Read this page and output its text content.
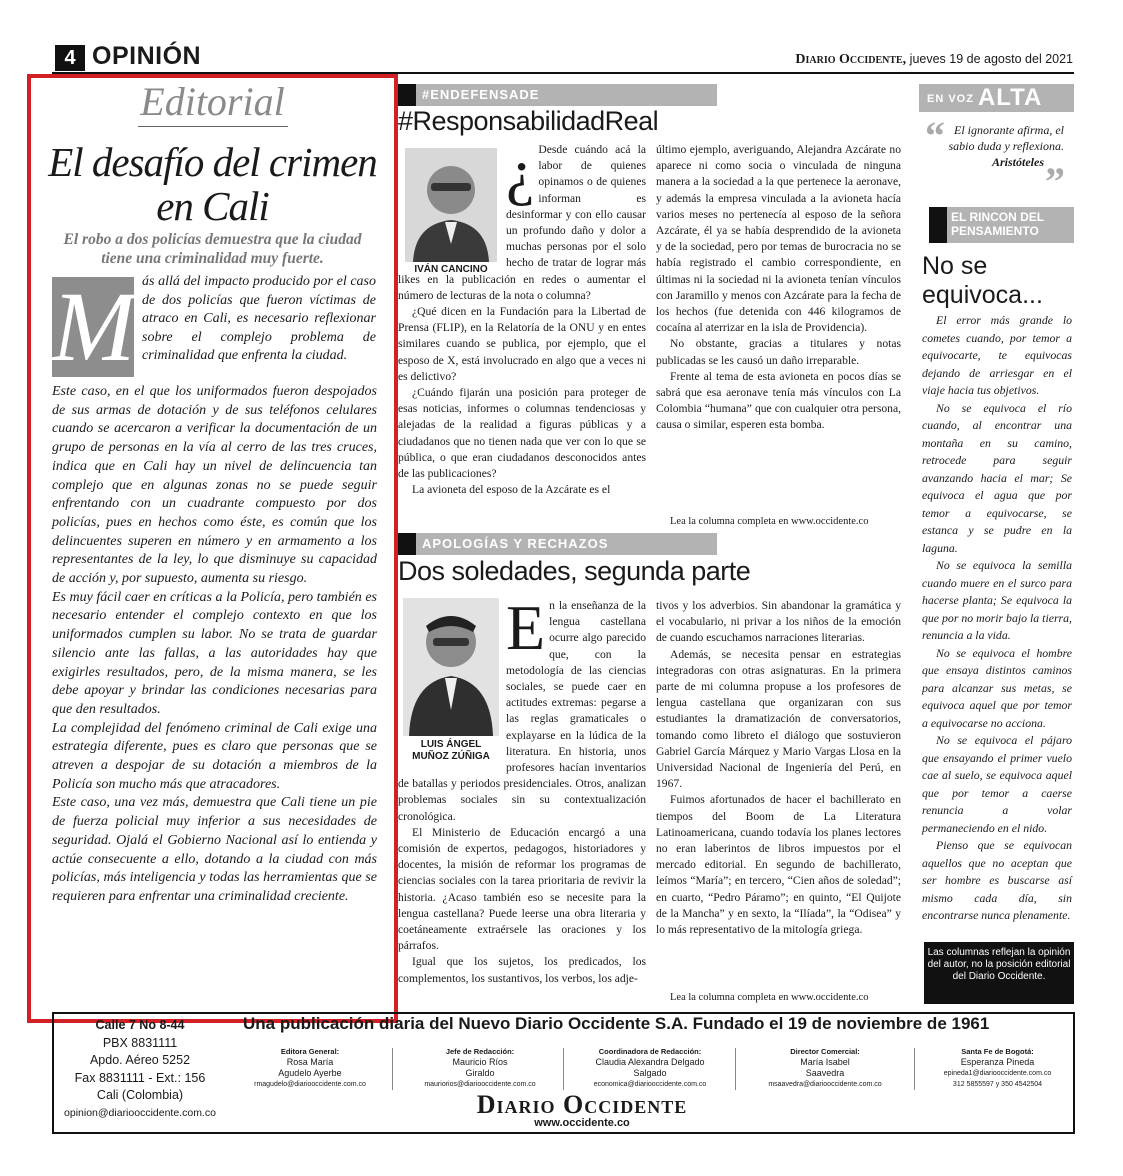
4 OPINIÓN	Diario Occidente, jueves 19 de agosto del 2021
Editorial
El desafío del crimen en Cali
El robo a dos policías demuestra que la ciudad tiene una criminalidad muy fuerte.
M ás allá del impacto producido por el caso de dos policías que fueron víctimas de atraco en Cali, es necesario reflexionar sobre el complejo problema de criminalidad que enfrenta la ciudad.

Este caso, en el que los uniformados fueron despojados de sus armas de dotación y de sus teléfonos celulares cuando se acercaron a verificar la documentación de un grupo de personas en la vía al cerro de las tres cruces, indica que en Cali hay un nivel de delincuencia tan complejo que en algunas zonas no se puede seguir enfrentando con un cuadrante compuesto por dos policías, pues en hechos como éste, es común que los delincuentes superen en número y en armamento a los representantes de la ley, lo que disminuye su capacidad de acción y, por supuesto, aumenta su riesgo.

Es muy fácil caer en críticas a la Policía, pero también es necesario entender el complejo contexto en que los uniformados cumplen su labor. No se trata de guardar silencio ante las fallas, a las autoridades hay que exigirles resultados, pero, de la misma manera, se les debe apoyar y brindar las condiciones necesarias para que den resultados.

La complejidad del fenómeno criminal de Cali exige una estrategia diferente, pues es claro que personas que se atreven a despojar de su dotación a miembros de la Policía son mucho más que atracadores.

Este caso, una vez más, demuestra que Cali tiene un pie de fuerza policial muy inferior a sus necesidades de seguridad. Ojalá el Gobierno Nacional así lo entienda y actúe consecuente a ello, dotando a la ciudad con más policías, más inteligencia y todas las herramientas que se requieren para enfrentar una criminalidad creciente.

#ENDEFENSADE
#ResponsabilidadReal
IVÁN CANCINO

¿ Desde cuándo acá la labor de quienes opinamos o de quienes informan es desinformar y con ello causar un profundo daño y dolor a muchas personas por el solo hecho de tratar de lograr más likes en la publicación en redes o aumentar el número de lecturas de la nota o columna?

¿Qué dicen en la Fundación para la Libertad de Prensa (FLIP), en la Relatoría de la ONU y en entes similares cuando se publica, por ejemplo, que el esposo de X, está involucrado en algo que a veces ni es delictivo?

¿Cuándo fijarán una posición para proteger de esas noticias, informes o columnas tendenciosas y alejadas de la realidad a figuras públicas y a ciudadanos que no tienen nada que ver con lo que se pública, o que eran ciudadanos desconocidos antes de las publicaciones?

La avioneta del esposo de la Azcárate es el

último ejemplo, averiguando, Alejandra Azcárate no aparece ni como socia o vinculada de ninguna manera a la sociedad a la que pertenece la aeronave, y además la empresa vinculada a la avioneta hacía varios meses no pertenecía al esposo de la señora Azcárate, él ya se había desprendido de la avioneta y de la sociedad, pero por temas de burocracia no se había registrado el cambio correspondiente, en últimas ni la sociedad ni la avioneta tenían vínculos con Jaramillo y menos con Azcárate para la fecha de los hechos (fue detenida con 446 kilogramos de cocaína al aterrizar en la isla de Providencia).

No obstante, gracias a titulares y notas publicadas se les causó un daño irreparable.

Frente al tema de esta avioneta en pocos días se sabrá que esa aeronave tenía más vínculos con La Colombia “humana” que con cualquier otra persona, causa o similar, esperen esta bomba.

Lea la columna completa en www.occidente.co
APOLOGÍAS Y RECHAZOS
Dos soledades, segunda parte
LUIS ÁNGEL MUÑOZ ZÚÑIGA

En la enseñanza de la lengua castellana ocurre algo parecido que, con la metodología de las ciencias sociales, se puede caer en actitudes extremas: pegarse a las reglas gramaticales o explayarse en la lúdica de la literatura. En historia, unos profesores hacían inventarios de batallas y periodos presidenciales. Otros, analizan problemas sociales sin su contextualización cronológica.

El Ministerio de Educación encargó a una comisión de expertos, pedagogos, historiadores y docentes, la misión de reformar los programas de ciencias sociales con la tarea prioritaria de revivir la historia. ¿Acaso también eso se necesite para la lengua castellana? Puede leerse una obra literaria y coetáneamente extraérsele las oraciones y los párrafos.

Igual que los sujetos, los predicados, los complementos, los sustantivos, los verbos, los adje-

tivos y los adverbios. Sin abandonar la gramática y el vocabulario, ni privar a los niños de la emoción de cuando escuchamos narraciones literarias.

Además, se necesita pensar en estrategias integradoras con otras asignaturas. En la primera parte de mi columna propuse a los profesores de lengua castellana que organizaran con sus estudiantes la dramatización de conversatorios, tomando como libreto el diálogo que sostuvieron Gabriel García Márquez y Mario Vargas Llosa en la Universidad Nacional de Ingeniería del Perú, en 1967.

Fuimos afortunados de hacer el bachillerato en tiempos del Boom de La Literatura Latinoamericana, cuando todavía los planes lectores no eran laberintos de libros impuestos por el mercado editorial. En segundo de bachillerato, leímos “María”; en tercero, “Cien años de soledad”; en cuarto, “Pedro Páramo”; en quinto, “El Quijote de la Mancha” y en sexto, la “Ilíada”, la “Odisea” y lo más representativo de la mitología griega.

Lea la columna completa en www.occidente.co
EN VOZ ALTA
“ El ignorante afirma, el sabio duda y reflexiona.
Aristóteles ”
EL RINCON DEL PENSAMIENTO
No se equivoca...

El error más grande lo cometes cuando, por temor a equivocarte, te equivocas dejando de arriesgar en el viaje hacia tus objetivos.

No se equivoca el río cuando, al encontrar una montaña en su camino, retrocede para seguir avanzando hacia el mar; Se equivoca el agua que por temor a equivocarse, se estanca y se pudre en la laguna.

No se equivoca la semilla cuando muere en el surco para hacerse planta; Se equivoca la que por no morir bajo la tierra, renuncia a la vida.

No se equivoca el hombre que ensaya distintos caminos para alcanzar sus metas, se equivoca aquel que por temor a equivocarse no acciona.

No se equivoca el pájaro que ensayando el primer vuelo cae al suelo, se equivoca aquel que por temor a caerse renuncia a volar permaneciendo en el nido.

Pienso que se equivocan aquellos que no aceptan que ser hombre es buscarse así mismo cada día, sin encontrarse nunca plenamente.

Las columnas reflejan la opinión del autor, no la posición editorial del Diario Occidente.
Calle 7 No 8-44
PBX 8831111
Apdo. Aéreo 5252
Fax 8831111 - Ext.: 156
Cali (Colombia)
opinion@diariooccidente.com.co
Una publicación diaria del Nuevo Diario Occidente S.A. Fundado el 19 de noviembre de 1961
Editora General:
Rosa María Agudelo Ayerbe
rmagudelo@diariooccidente.com.co
Jefe de Redacción:
Mauricio Ríos Giraldo
mauriorios@diariooccidente.com.co
Coordinadora de Redacción:
Claudia Alexandra Delgado Salgado
economica@diariooccidente.com.co
Director Comercial:
María Isabel Saavedra
msaavedra@diariooccidente.com.co
Santa Fe de Bogotá:
Esperanza Pineda
epineda1@diariooccidente.com.co
312 5855597 y 350 4542504
Diario Occidente
www.occidente.co
